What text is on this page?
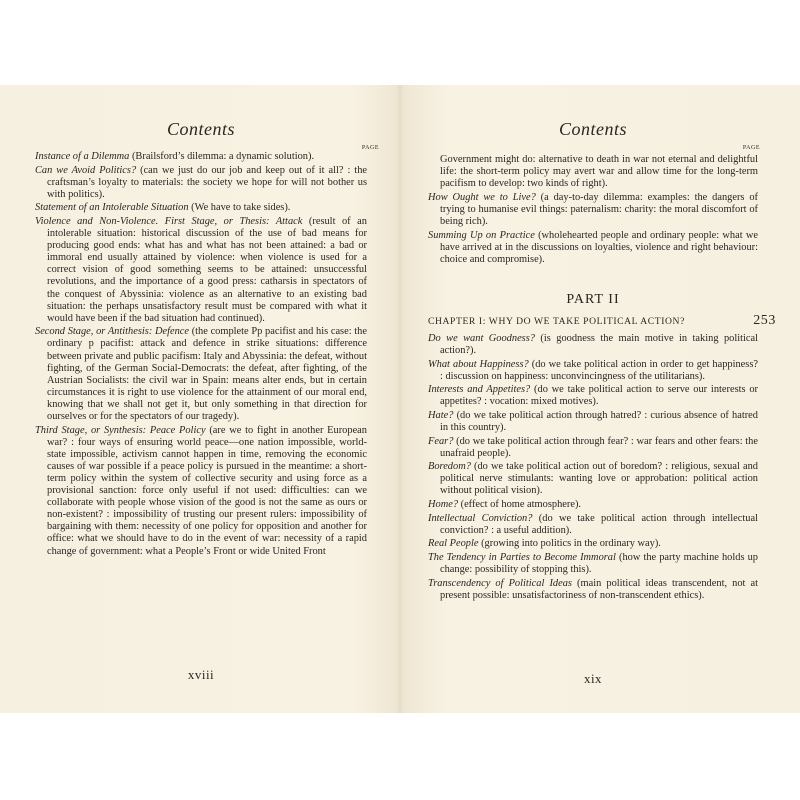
Contents
PAGE

Instance of a Dilemma (Brailsford’s dilemma: a dynamic solution).

Can we Avoid Politics? (can we just do our job and keep out of it all? : the craftsman’s loyalty to materials: the society we hope for will not bother us with politics).

Statement of an Intolerable Situation (We have to take sides).

Violence and Non-Violence. First Stage, or Thesis: Attack (result of an intolerable situation: historical discussion of the use of bad means for producing good ends: what has and what has not been attained: a bad or immoral end usually attained by violence: when violence is used for a correct vision of good something seems to be attained: unsuccessful revolutions, and the importance of a good press: catharsis in spectators of the conquest of Abyssinia: violence as an alternative to an existing bad situation: the perhaps unsatisfactory result must be compared with what it would have been if the bad situation had continued).

Second Stage, or Antithesis: Defence (the complete Pp pacifist and his case: the ordinary p pacifist: attack and defence in strike situations: difference between private and public pacifism: Italy and Abyssinia: the defeat, without fighting, of the German Social-Democrats: the defeat, after fighting, of the Austrian Socialists: the civil war in Spain: means alter ends, but in certain circumstances it is right to use violence for the attainment of our moral end, knowing that we shall not get it, but only something in that direction for ourselves or for the spectators of our tragedy).

Third Stage, or Synthesis: Peace Policy (are we to fight in another European war? : four ways of ensuring world peace—one nation impossible, world-state impossible, activism cannot happen in time, removing the economic causes of war possible if a peace policy is pursued in the meantime: a short-term policy within the system of collective security and using force as a provisional sanction: force only useful if not used: difficulties: can we collaborate with people whose vision of the good is not the same as ours or non-existent? : impossibility of trusting our present rulers: impossibility of bargaining with them: necessity of one policy for opposition and another for office: what we should have to do in the event of war: necessity of a rapid change of government: what a People’s Front or wide United Front

xviii
Contents
PAGE

Government might do: alternative to death in war not eternal and delightful life: the short-term policy may avert war and allow time for the long-term pacifism to develop: two kinds of right).

How Ought we to Live? (a day-to-day dilemma: examples: the dangers of trying to humanise evil things: paternalism: charity: the moral discomfort of being rich).

Summing Up on Practice (wholehearted people and ordinary people: what we have arrived at in the discussions on loyalties, violence and right behaviour: choice and compromise).

PART II
CHAPTER I: WHY DO WE TAKE POLITICAL ACTION?	253

Do we want Goodness? (is goodness the main motive in taking political action?).

What about Happiness? (do we take political action in order to get happiness? : discussion on happiness: unconvincingness of the utilitarians).

Interests and Appetites? (do we take political action to serve our interests or appetites? : vocation: mixed motives).

Hate? (do we take political action through hatred? : curious absence of hatred in this country).

Fear? (do we take political action through fear? : war fears and other fears: the unafraid people).

Boredom? (do we take political action out of boredom? : religious, sexual and political nerve stimulants: wanting love or approbation: political action without political vision).

Home? (effect of home atmosphere).

Intellectual Conviction? (do we take political action through intellectual conviction? : a useful addition).

Real People (growing into politics in the ordinary way).

The Tendency in Parties to Become Immoral (how the party machine holds up change: possibility of stopping this).

Transcendency of Political Ideas (main political ideas transcendent, not at present possible: unsatisfactoriness of non-transcendent ethics).

xix
